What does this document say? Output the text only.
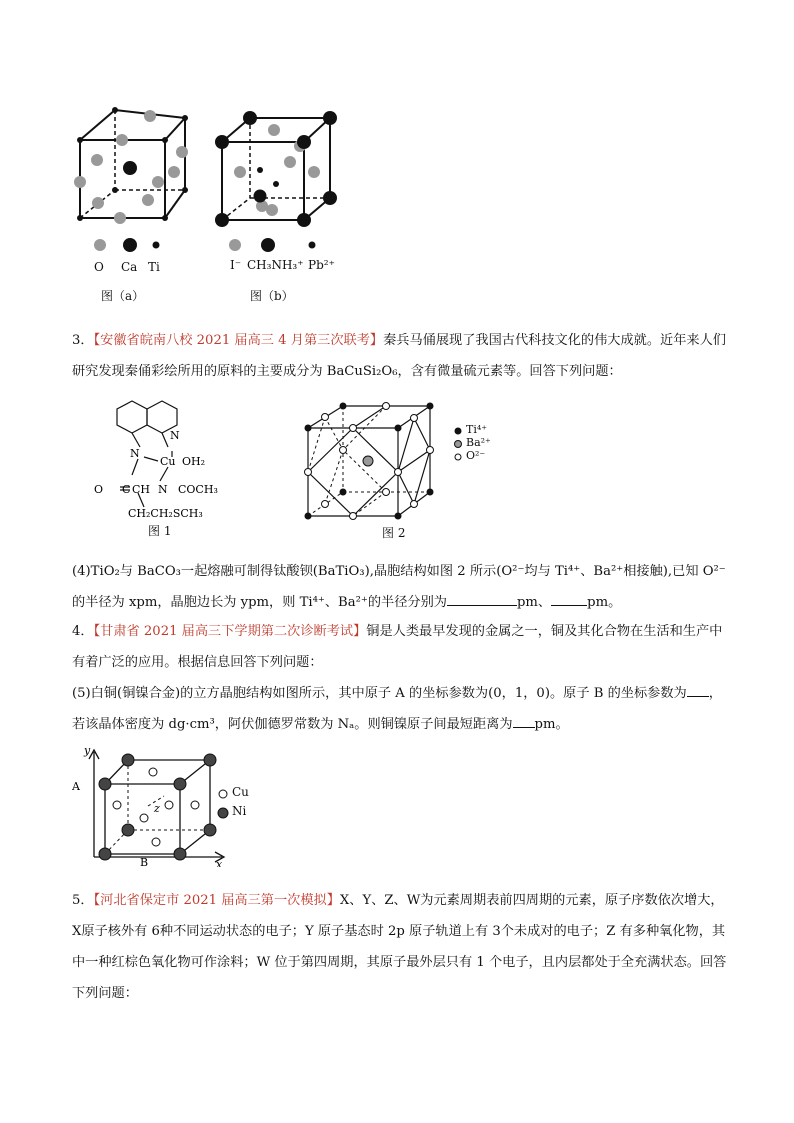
O Ca Ti
图（a）
I⁻ CH₃NH₃⁺ Pb²⁺
图（b）
3．【安徽省皖南八校 2021 届高三 4 月第三次联考】秦兵马俑展现了我国古代科技文化的伟大成就。近年来人们研究发现秦俑彩绘所用的原料的主要成分为 BaCuSi₂O₆，含有微量硫元素等。回答下列问题：
N
N
Cu OH₂
O C CH N COCH₃
CH₂CH₂SCH₃
图 1
Ti⁴⁺
Ba²⁺
O²⁻
图 2
(4)TiO₂与 BaCO₃一起熔融可制得钛酸钡(BaTiO₃),晶胞结构如图 2 所示(O²⁻均与 Ti⁴⁺、Ba²⁺相接触),已知 O²⁻的半径为 xpm，晶胞边长为 ypm，则 Ti⁴⁺、Ba²⁺的半径分别为	pm、	pm。
4．【甘肃省 2021 届高三下学期第二次诊断考试】铜是人类最早发现的金属之一，铜及其化合物在生活和生产中有着广泛的应用。根据信息回答下列问题：
(5)白铜(铜镍合金)的立方晶胞结构如图所示，其中原子 A 的坐标参数为(0，1，0)。原子 B 的坐标参数为 ，若该晶体密度为 dg·cm³，阿伏伽德罗常数为 Nₐ。则铜镍原子间最短距离为 pm。
y
z
x
A
B
Cu
Ni
5．【河北省保定市 2021 届高三第一次模拟】X、Y、Z、W为元素周期表前四周期的元素，原子序数依次增大，X原子核外有 6种不同运动状态的电子；Y 原子基态时 2p 原子轨道上有 3个未成对的电子；Z 有多种氧化物，其中一种红棕色氧化物可作涂料；W 位于第四周期，其原子最外层只有 1 个电子，且内层都处于全充满状态。回答下列问题：
